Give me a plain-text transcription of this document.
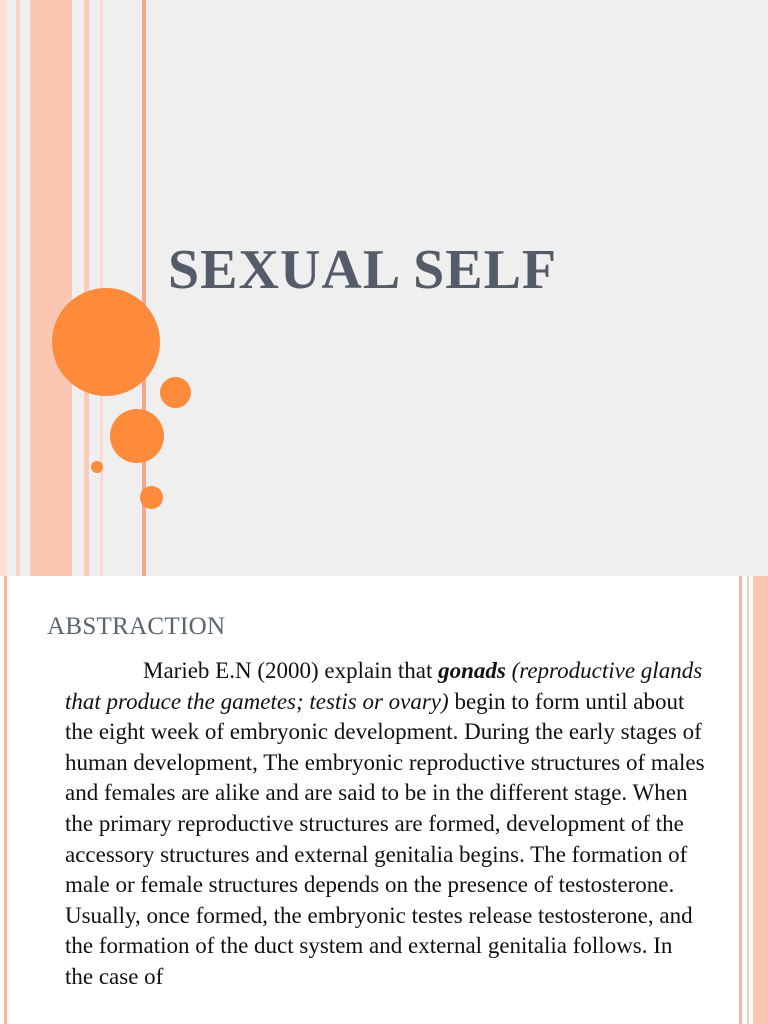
SEXUAL SELF
ABSTRACTION

Marieb E.N (2000) explain that gonads (reproductive glands that produce the gametes; testis or ovary) begin to form until about the eight week of embryonic development. During the early stages of human development, The embryonic reproductive structures of males and females are alike and are said to be in the different stage. When the primary reproductive structures are formed, development of the accessory structures and external genitalia begins. The formation of male or female structures depends on the presence of testosterone. Usually, once formed, the embryonic testes release testosterone, and the formation of the duct system and external genitalia follows. In the case of
